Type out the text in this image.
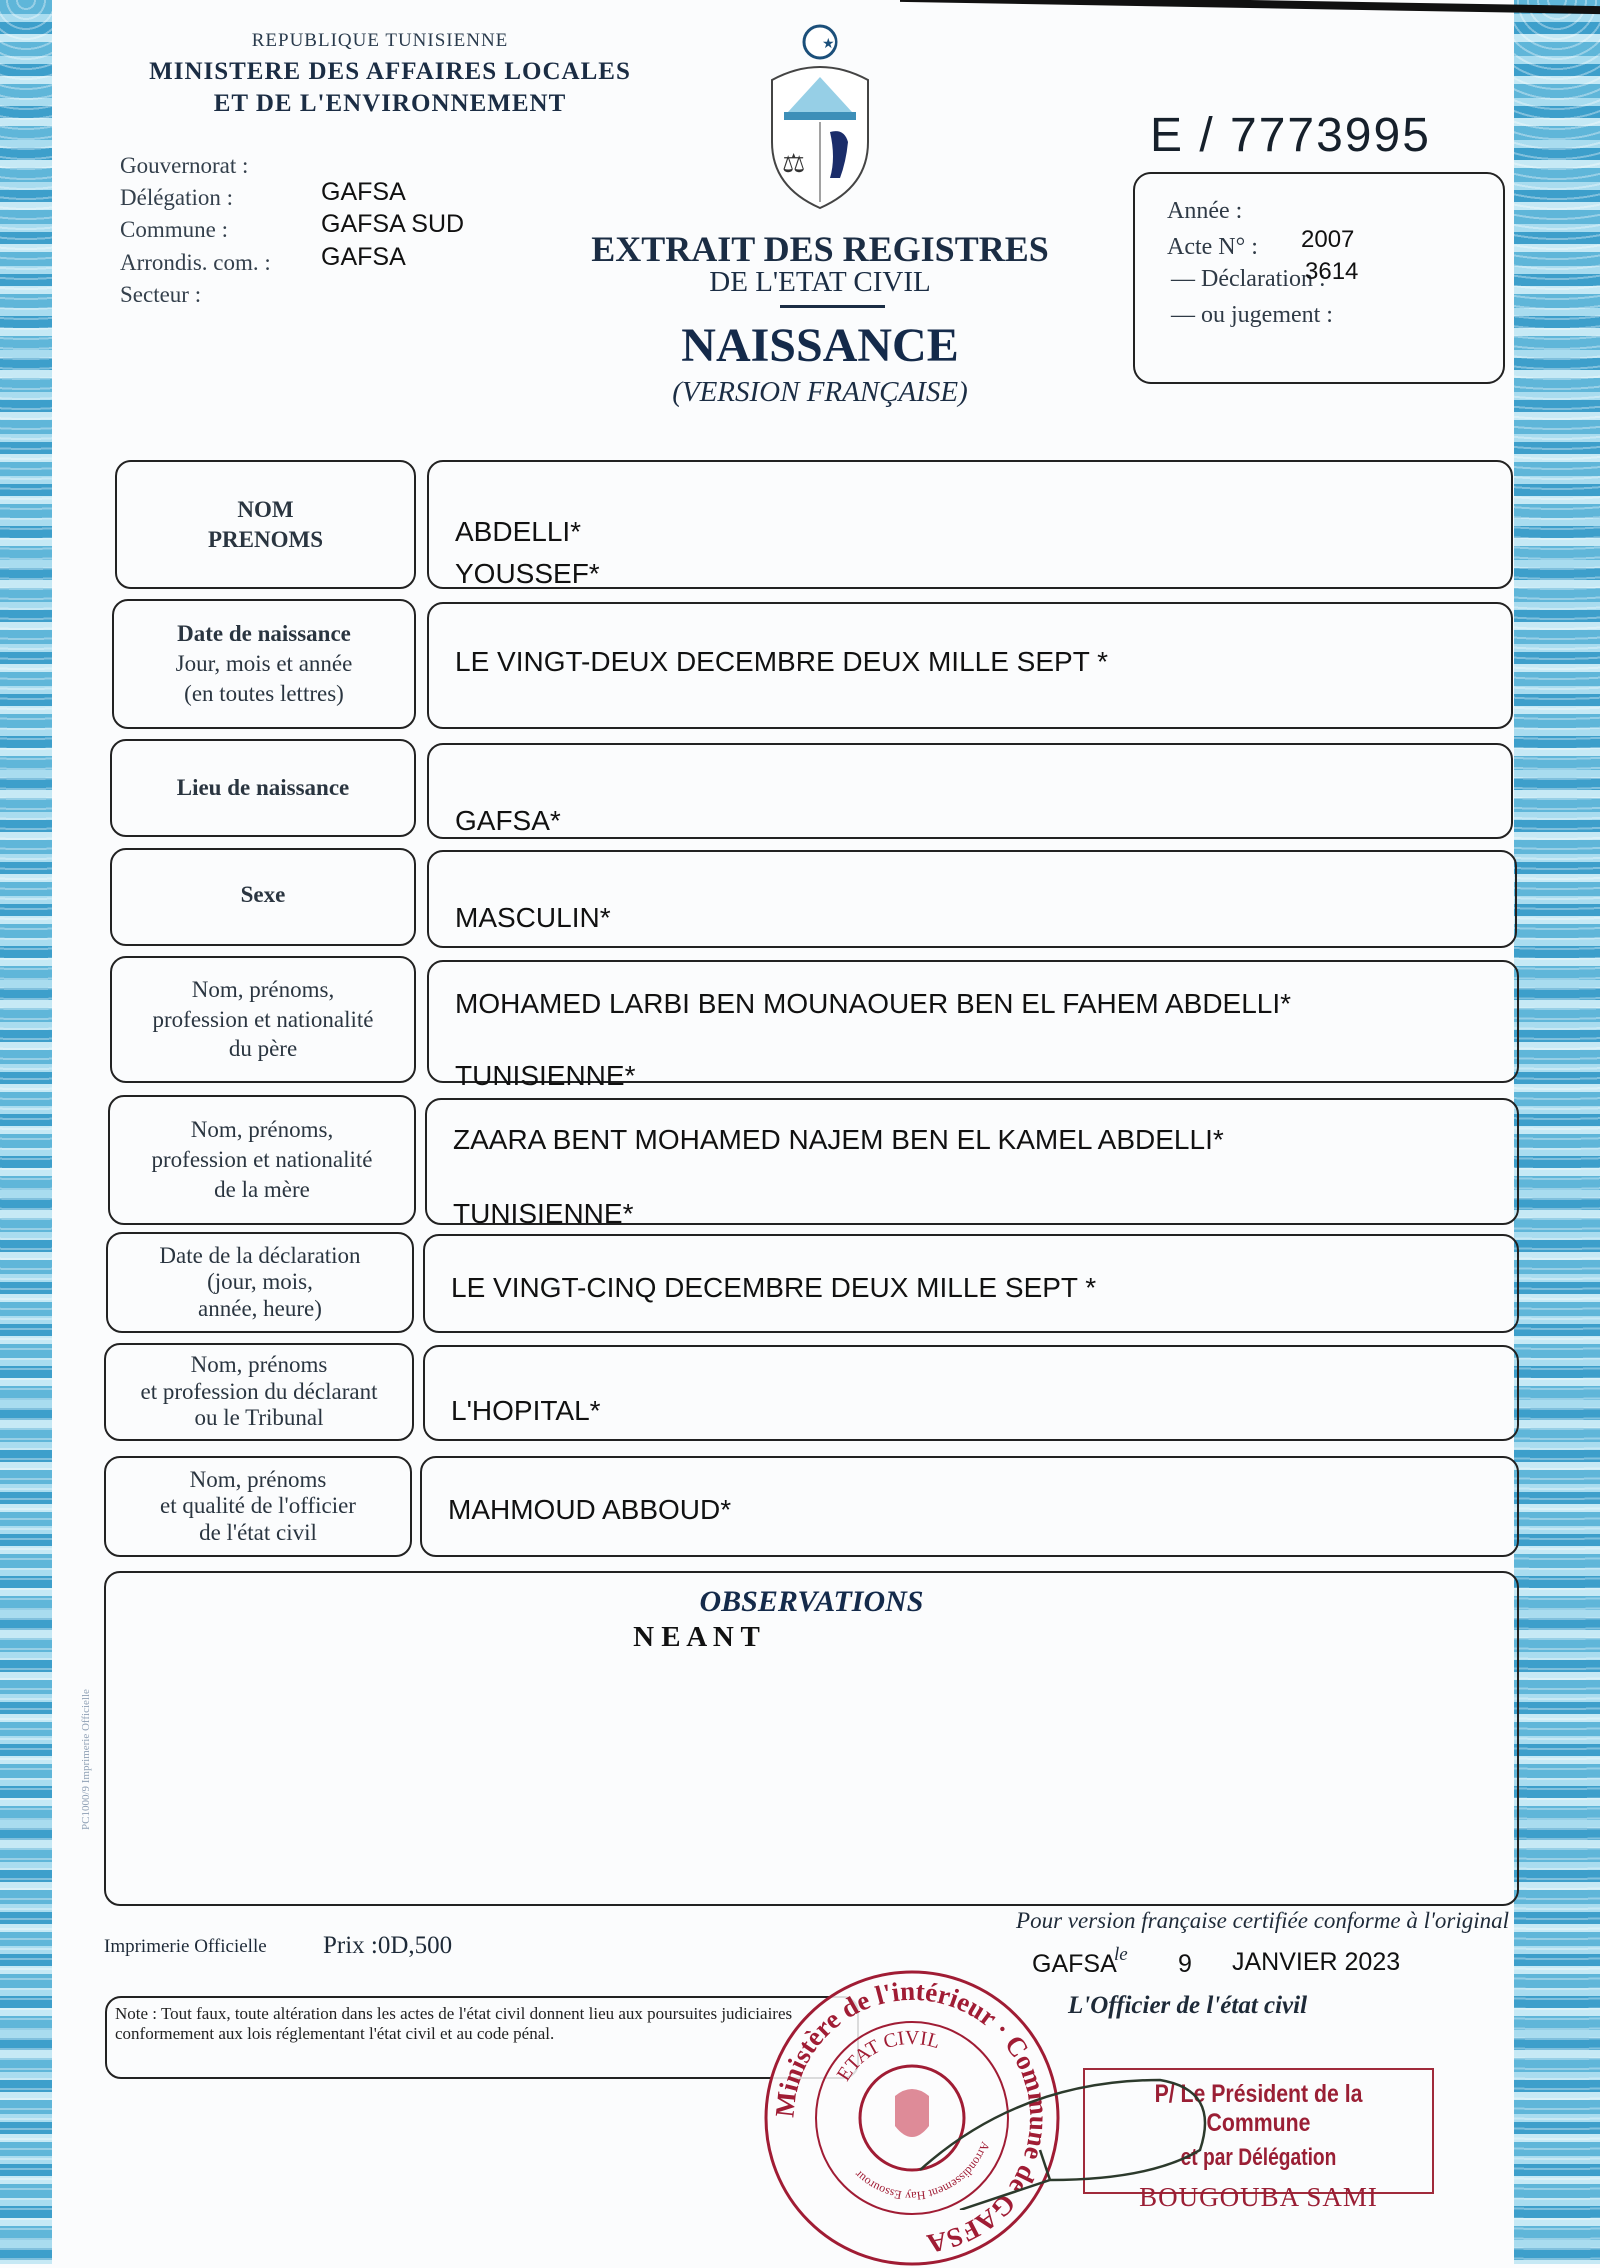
REPUBLIQUE TUNISIENNE
MINISTERE DES AFFAIRES LOCALES
ET DE L'ENVIRONNEMENT
Gouvernorat :
Délégation :
Commune :
Arrondis. com. :
Secteur :
GAFSA
GAFSA SUD
GAFSA
★
⚖
E / 7773995
Année :
Acte N° :
— Déclaration :
— ou jugement :
2007
3614
EXTRAIT DES REGISTRES
DE L'ETAT CIVIL
NAISSANCE
(VERSION FRANÇAISE)
NOM
PRENOMS	ABDELLI*
YOUSSEF*
Date de naissance
Jour, mois et année
(en toutes lettres)
LE VINGT-DEUX DECEMBRE DEUX MILLE SEPT *
Lieu de naissance
GAFSA*
Sexe
MASCULIN*
Nom, prénoms,
profession et nationalité
du père
MOHAMED LARBI BEN MOUNAOUER BEN EL FAHEM ABDELLI*
TUNISIENNE*
Nom, prénoms,
profession et nationalité
de la mère
ZAARA BENT MOHAMED NAJEM BEN EL KAMEL ABDELLI*
TUNISIENNE*
Date de la déclaration
(jour, mois,
année, heure)
LE VINGT-CINQ DECEMBRE DEUX MILLE SEPT *
Nom, prénoms
et profession du déclarant
ou le Tribunal	L'HOPITAL*
Nom, prénoms
et qualité de l'officier
de l'état civil
MAHMOUD ABBOUD*
OBSERVATIONS
N E A N T
PC1000/9 Imprimerie Officielle
Imprimerie Officielle Prix :0D,500
Pour version française certifiée conforme à l'original
GAFSA
le 9 JANVIER 2023
L'Officier de l'état civil
Note : Tout faux, toute altération dans les actes de l'état civil donnent lieu aux poursuites judiciaires conformement aux lois réglementant l'état civil et au code pénal.
Ministère de l'intérieur · Commune de GAFSA
ETAT CIVIL
Arrondissement Hay Essourour
P/ Le Président de la Commune
et par Délégation
BOUGOUBA SAMI
